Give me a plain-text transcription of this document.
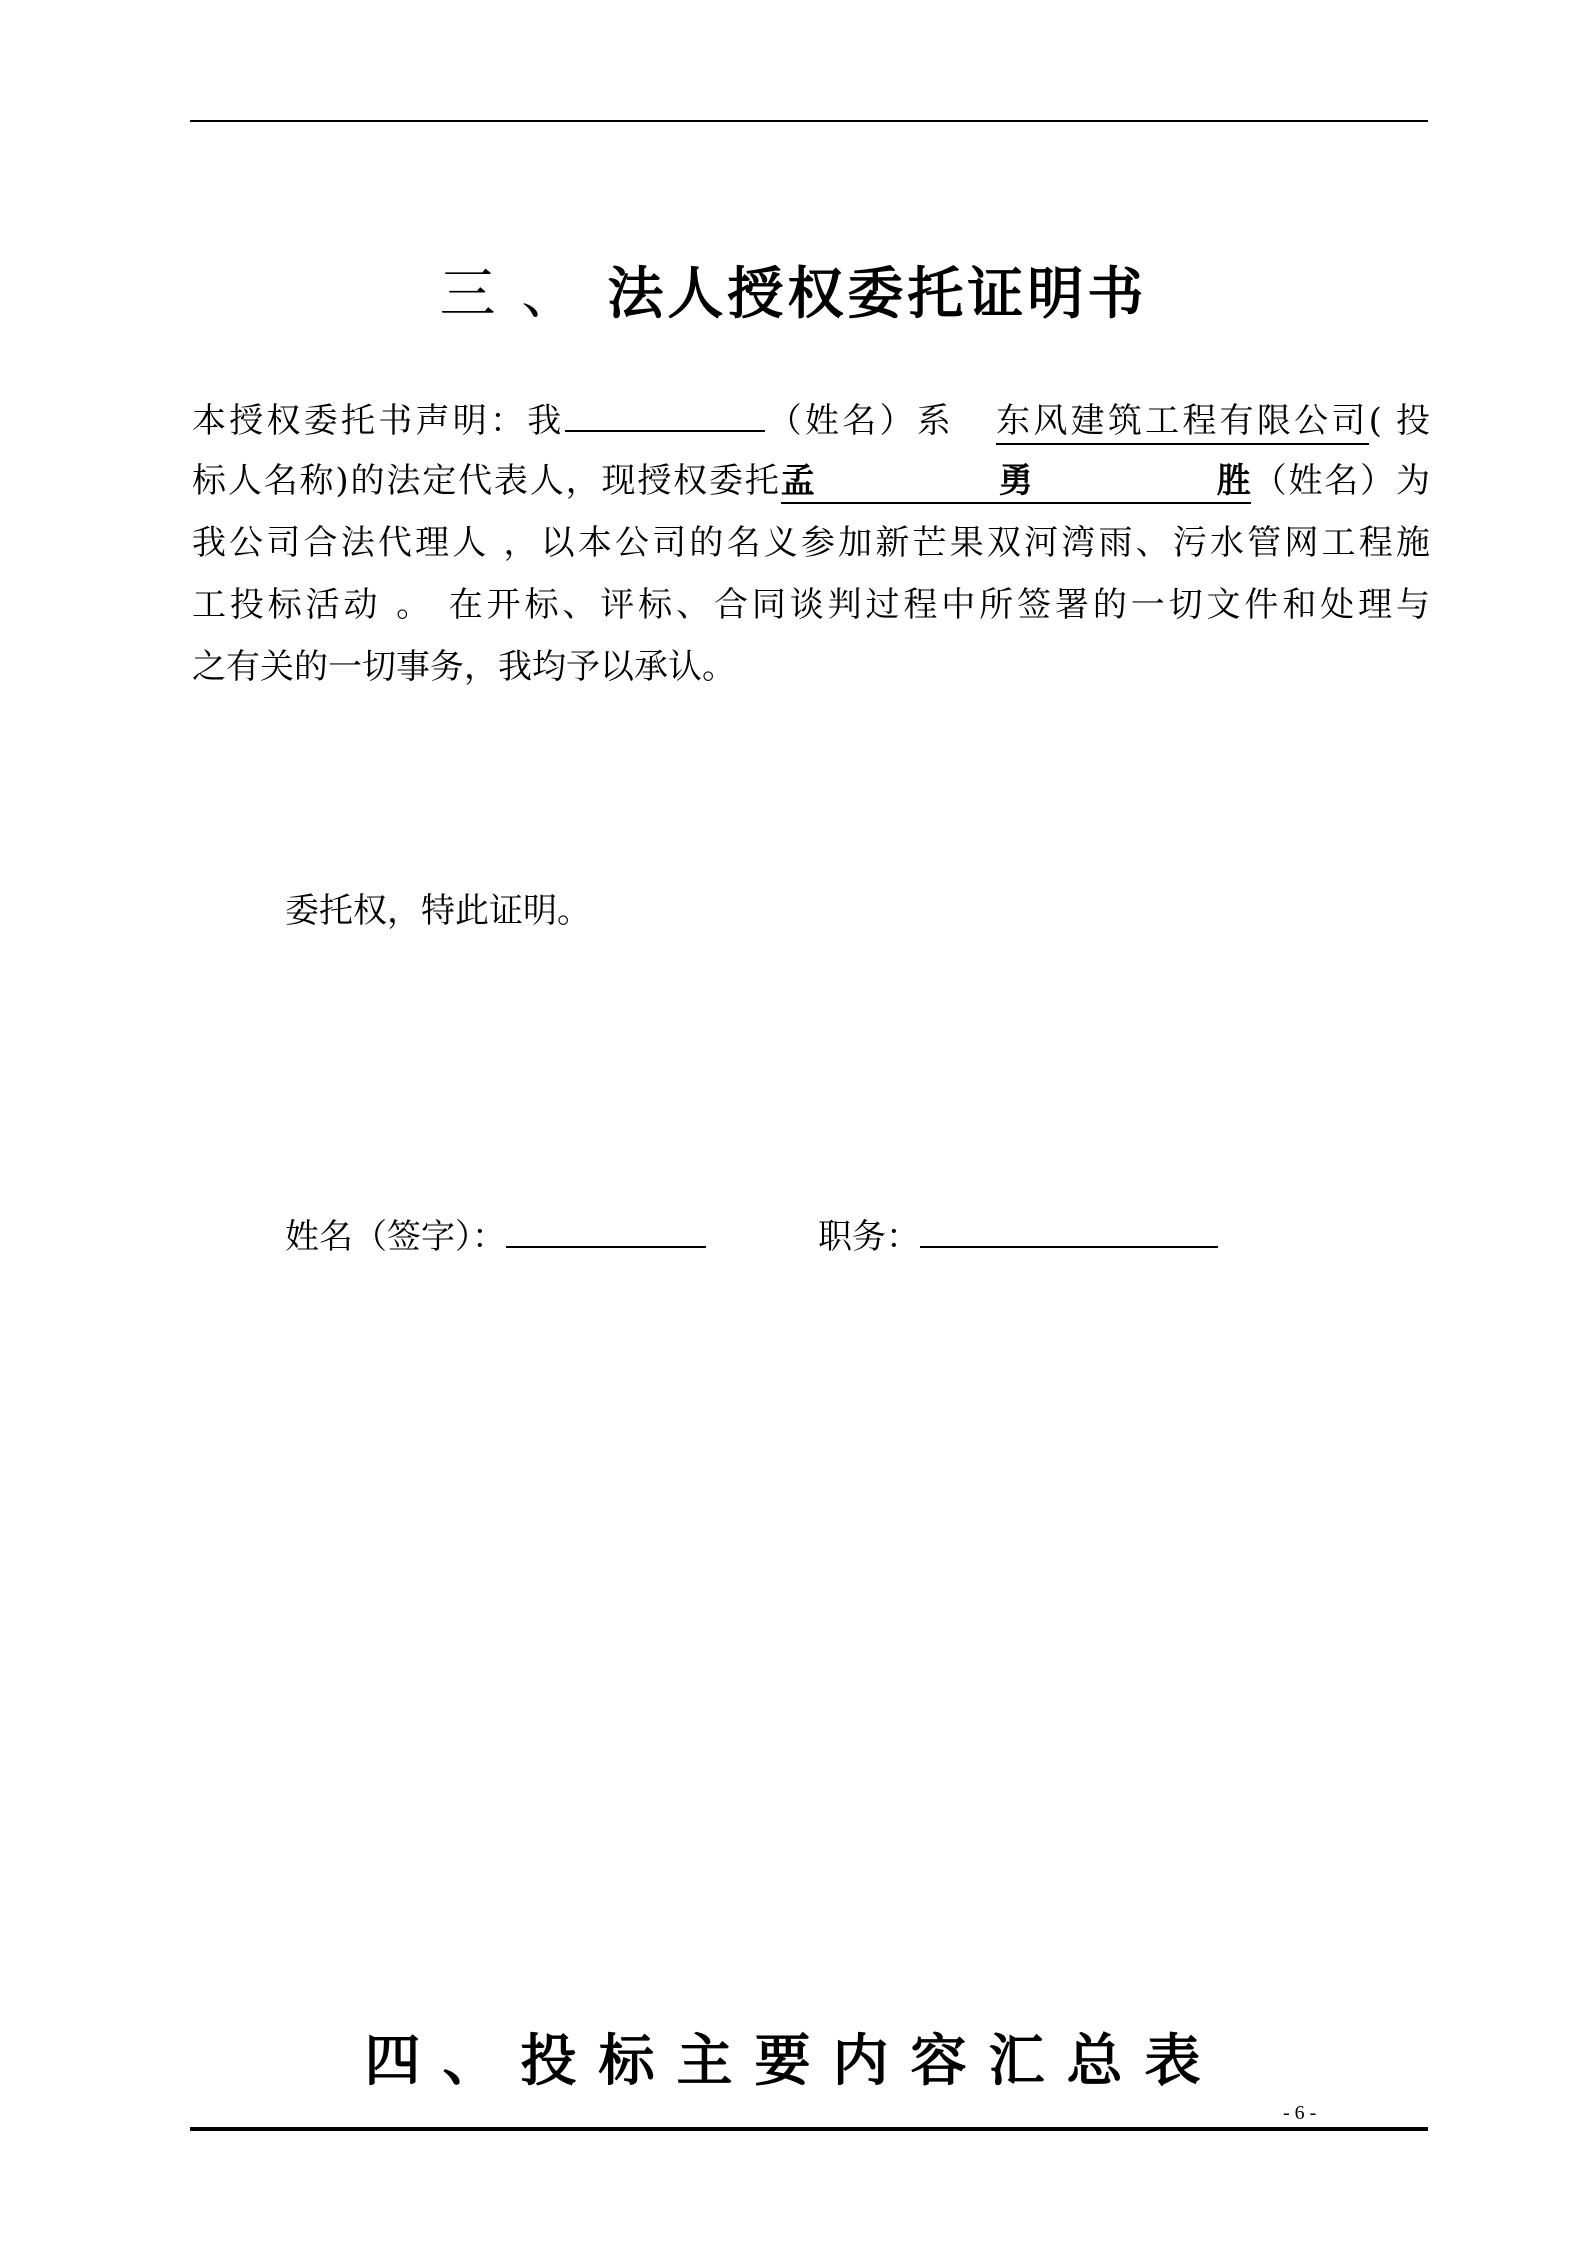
三 、 法人授权委托证明书
本授权委托书声明：我	（姓名）系 东风建筑工程有限公司( 投
标人名称)的法定代表人，现授权委托孟勇胜（姓名）为
我公司合法代理人 ，以本公司的名义参加新芒果双河湾雨、污水管网工程施
工投标活动 。 在开标、评标、合同谈判过程中所签署的一切文件和处理与
之有关的一切事务，我均予以承认。
委托权，特此证明。
姓名（签字）：	职务：
四、投标主要内容汇总表
- 6 -
